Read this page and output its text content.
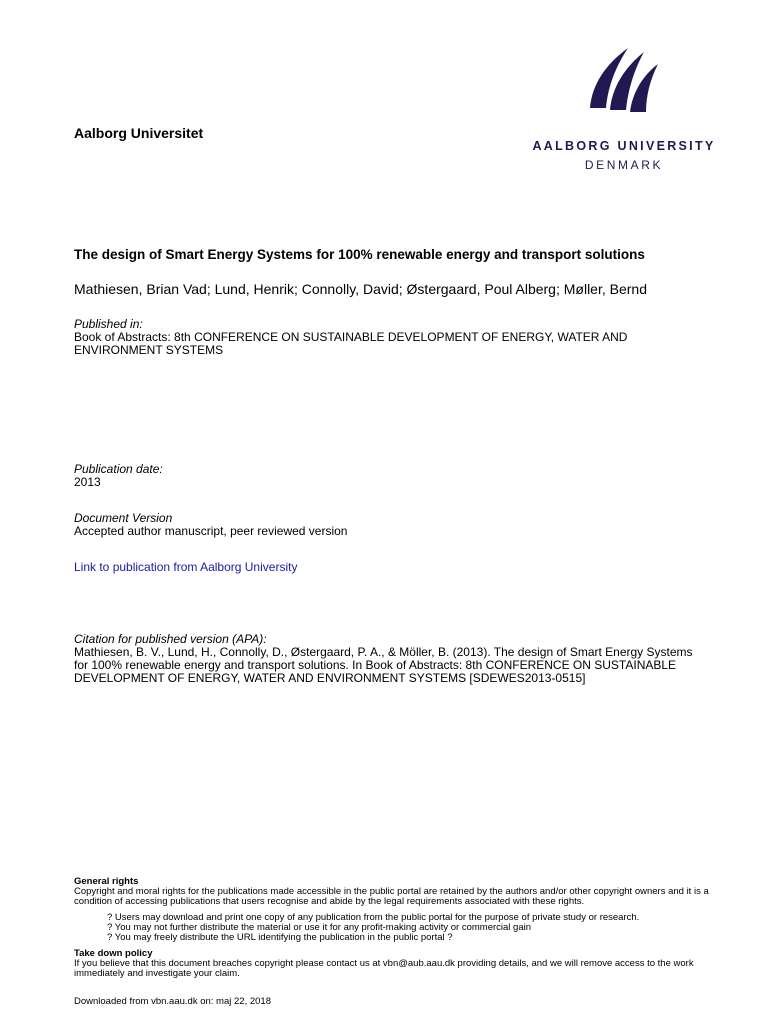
AALBORG UNIVERSITY
DENMARK
Aalborg Universitet
The design of Smart Energy Systems for 100% renewable energy and transport solutions
Mathiesen, Brian Vad; Lund, Henrik; Connolly, David; Østergaard, Poul Alberg; Møller, Bernd
Published in:
Book of Abstracts: 8th CONFERENCE ON SUSTAINABLE DEVELOPMENT OF ENERGY, WATER AND ENVIRONMENT SYSTEMS
Publication date:
2013
Document Version
Accepted author manuscript, peer reviewed version
Link to publication from Aalborg University
Citation for published version (APA):
Mathiesen, B. V., Lund, H., Connolly, D., Østergaard, P. A., & Möller, B. (2013). The design of Smart Energy Systems for 100% renewable energy and transport solutions. In Book of Abstracts: 8th CONFERENCE ON SUSTAINABLE DEVELOPMENT OF ENERGY, WATER AND ENVIRONMENT SYSTEMS [SDEWES2013-0515]
General rights
Copyright and moral rights for the publications made accessible in the public portal are retained by the authors and/or other copyright owners and it is a condition of accessing publications that users recognise and abide by the legal requirements associated with these rights.
? Users may download and print one copy of any publication from the public portal for the purpose of private study or research.
? You may not further distribute the material or use it for any profit-making activity or commercial gain
? You may freely distribute the URL identifying the publication in the public portal ?
Take down policy
If you believe that this document breaches copyright please contact us at vbn@aub.aau.dk providing details, and we will remove access to the work immediately and investigate your claim.
Downloaded from vbn.aau.dk on: maj 22, 2018
